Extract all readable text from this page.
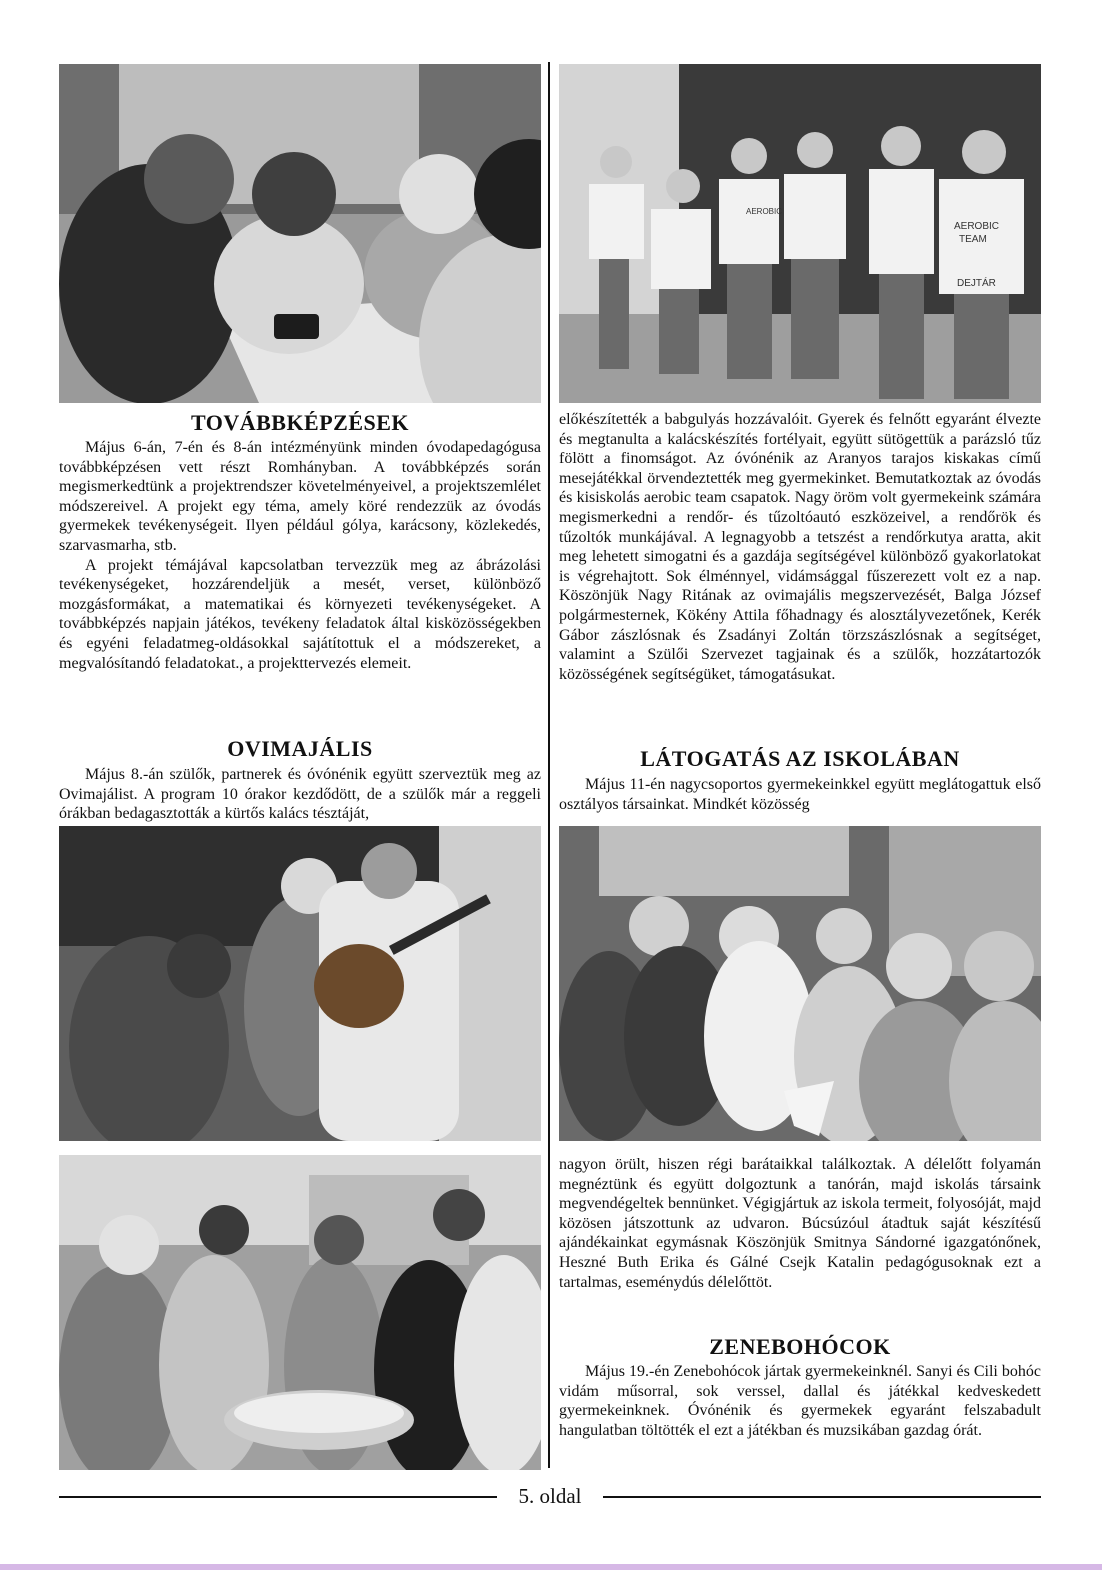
AEROBIC
AEROBIC
TEAM
DEJTÁR
TOVÁBBKÉPZÉSEK

Május 6-án, 7-én és 8-án intézményünk minden óvodapedagógusa továbbképzésen vett részt Romhányban. A továbbképzés során megismerkedtünk a projektrendszer követelményeivel, a projektszemlélet módszereivel. A projekt egy téma, amely köré rendezzük az óvodás gyermekek tevékenységeit. Ilyen például gólya, karácsony, közlekedés, szarvasmarha, stb.

A projekt témájával kapcsolatban tervezzük meg az ábrázolási tevékenységeket, hozzárendeljük a mesét, verset, különböző mozgásformákat, a matematikai és környezeti tevékenységeket. A továbbképzés napjain játékos, tevékeny feladatok által kisközösségekben és egyéni feladatmeg-oldásokkal sajátítottuk el a módszereket, a megvalósítandó feladatokat., a projekttervezés elemeit.

OVIMAJÁLIS

Május 8.-án szülők, partnerek és óvónénik együtt szerveztük meg az Ovimajálist. A program 10 órakor kezdődött, de a szülők már a reggeli órákban bedagasztották a kürtős kalács tésztáját,

előkészítették a babgulyás hozzávalóit. Gyerek és felnőtt egyaránt élvezte és megtanulta a kalácskészítés fortélyait, együtt sütögettük a parázsló tűz fölött a finomságot. Az óvónénik az Aranyos tarajos kiskakas című mesejátékkal örvendeztették meg gyermekinket. Bemutatkoztak az óvodás és kisiskolás aerobic team csapatok. Nagy öröm volt gyermekeink számára megismerkedni a rendőr- és tűzoltóautó eszközeivel, a rendőrök és tűzoltók munkájával. A legnagyobb a tetszést a rendőrkutya aratta, akit meg lehetett simogatni és a gazdája segítségével különböző gyakorlatokat is végrehajtott. Sok élménnyel, vidámsággal fűszerezett volt ez a nap. Köszönjük Nagy Ritának az ovimajális megszervezését, Balga József polgármesternek, Kökény Attila főhadnagy és alosztályvezetőnek, Kerék Gábor zászlósnak és Zsadányi Zoltán törzszászlósnak a segítséget, valamint a Szülői Szervezet tagjainak és a szülők, hozzátartozók közösségének segítségüket, támogatásukat.

LÁTOGATÁS AZ ISKOLÁBAN

Május 11-én nagycsoportos gyermekeinkkel együtt meglátogattuk első osztályos társainkat. Mindkét közösség

nagyon örült, hiszen régi barátaikkal találkoztak. A délelőtt folyamán megnéztünk és együtt dolgoztunk a tanórán, majd iskolás társaink megvendégeltek bennünket. Végigjártuk az iskola termeit, folyosóját, majd közösen játszottunk az udvaron. Búcsúzóul átadtuk saját készítésű ajándékainkat egymásnak Köszönjük Smitnya Sándorné igazgatónőnek, Heszné Buth Erika és Gálné Csejk Katalin pedagógusoknak ezt a tartalmas, eseménydús délelőttöt.

ZENEBOHÓCOK

Május 19.-én Zenebohócok jártak gyermekeinknél. Sanyi és Cili bohóc vidám műsorral, sok verssel, dallal és játékkal kedveskedett gyermekeinknek. Óvónénik és gyermekek egyaránt felszabadult hangulatban töltötték el ezt a játékban és muzsikában gazdag órát.

5. oldal
